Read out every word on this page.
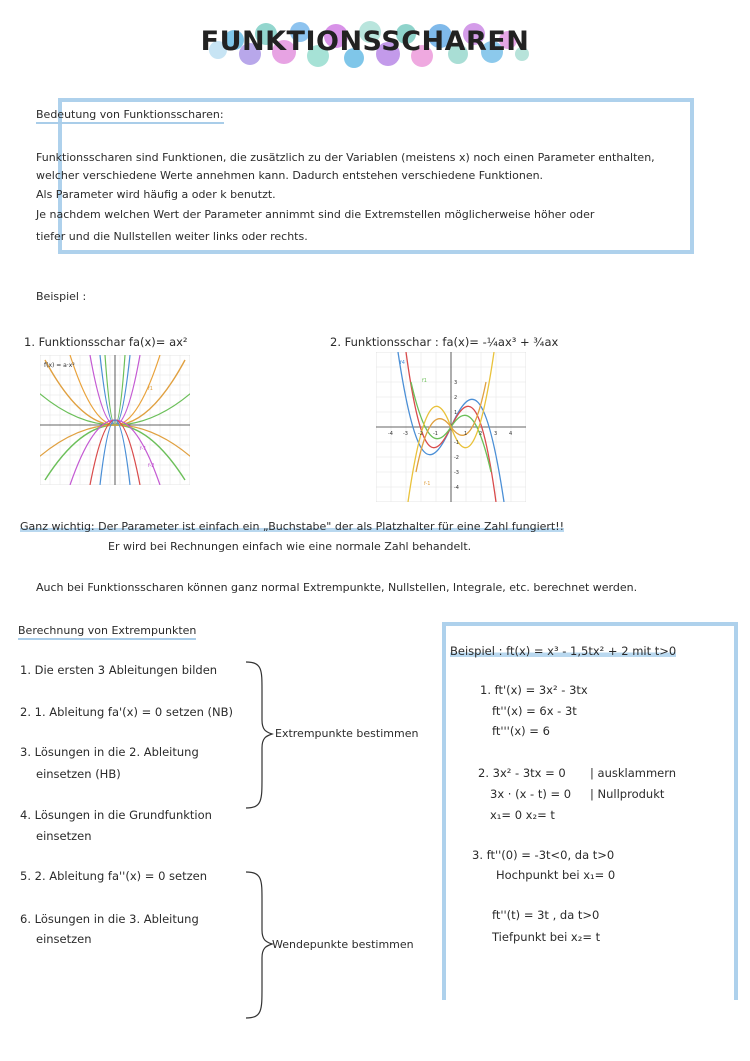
FUNKTIONSSCHAREN
Bedeutung von Funktionsscharen:
Funktionsscharen sind Funktionen, die zusätzlich zu der Variablen (meistens x) noch einen Parameter enthalten,
welcher verschiedene Werte annehmen kann. Dadurch entstehen verschiedene Funktionen.
Als Parameter wird häufig a oder k benutzt.
Je nachdem welchen Wert der Parameter annimmt sind die Extremstellen möglicherweise höher oder
tiefer und die Nullstellen weiter links oder rechts.
Beispiel :
1. Funktionsschar fa(x)= ax²
f(x) = a·x²
f1
f-1
f-2
2. Funktionsschar : fa(x)= -¼ax³ + ¾ax
f4
f1
f-1
-4 -3 -2 -1	1 2 3 4
3
2
1
-1
-2
-3
-4
Ganz wichtig: Der Parameter ist einfach ein „Buchstabe" der als Platzhalter für eine Zahl fungiert!!
Er wird bei Rechnungen einfach wie eine normale Zahl behandelt.
Auch bei Funktionsscharen können ganz normal Extrempunkte, Nullstellen, Integrale, etc. berechnet werden.
Berechnung von Extrempunkten
1. Die ersten 3 Ableitungen bilden
2. 1. Ableitung fa'(x) = 0 setzen (NB)
3. Lösungen in die 2. Ableitung
einsetzen (HB)
4. Lösungen in die Grundfunktion
einsetzen
5. 2. Ableitung fa''(x) = 0 setzen
6. Lösungen in die 3. Ableitung
einsetzen
Extrempunkte bestimmen
Wendepunkte bestimmen
Beispiel : ft(x) = x³ - 1,5tx² + 2 mit t>0
1. ft'(x) = 3x² - 3tx
ft''(x) = 6x - 3t
ft'''(x) = 6
2. 3x² - 3tx = 0 | ausklammern
3x · (x - t) = 0 | Nullprodukt
x₁= 0 x₂= t
3. ft''(0) = -3t<0, da t>0
Hochpunkt bei x₁= 0
ft''(t) = 3t , da t>0
Tiefpunkt bei x₂= t
